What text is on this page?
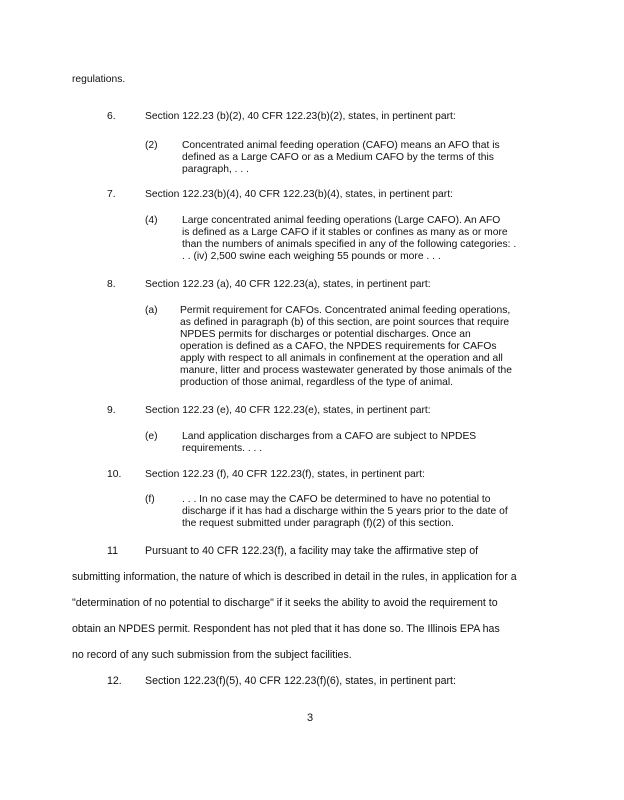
regulations.
6.	Section 122.23 (b)(2), 40 CFR 122.23(b)(2), states, in pertinent part:
(2) Concentrated animal feeding operation (CAFO) means an AFO that is
defined as a Large CAFO or as a Medium CAFO by the terms of this
paragraph, . . .
7.	Section 122.23(b)(4), 40 CFR 122.23(b)(4), states, in pertinent part:
(4) Large concentrated animal feeding operations (Large CAFO). An AFO
is defined as a Large CAFO if it stables or confines as many as or more
than the numbers of animals specified in any of the following categories: .
. . (iv) 2,500 swine each weighing 55 pounds or more . . .
8.	Section 122.23 (a), 40 CFR 122.23(a), states, in pertinent part:
(a) Permit requirement for CAFOs. Concentrated animal feeding operations,
as defined in paragraph (b) of this section, are point sources that require
NPDES permits for discharges or potential discharges. Once an
operation is defined as a CAFO, the NPDES requirements for CAFOs
apply with respect to all animals in confinement at the operation and all
manure, litter and process wastewater generated by those animals of the
production of those animal, regardless of the type of animal.
9.	Section 122.23 (e), 40 CFR 122.23(e), states, in pertinent part:
(e) Land application discharges from a CAFO are subject to NPDES
requirements. . . .
10. Section 122.23 (f), 40 CFR 122.23(f), states, in pertinent part:
(f)	. . . In no case may the CAFO be determined to have no potential to
discharge if it has had a discharge within the 5 years prior to the date of
the request submitted under paragraph (f)(2) of this section.
11	Pursuant to 40 CFR 122.23(f), a facility may take the affirmative step of
submitting information, the nature of which is described in detail in the rules, in application for a
"determination of no potential to discharge" if it seeks the ability to avoid the requirement to
obtain an NPDES permit. Respondent has not pled that it has done so. The Illinois EPA has
no record of any such submission from the subject facilities.
12. Section 122.23(f)(5), 40 CFR 122.23(f)(6), states, in pertinent part:
3
